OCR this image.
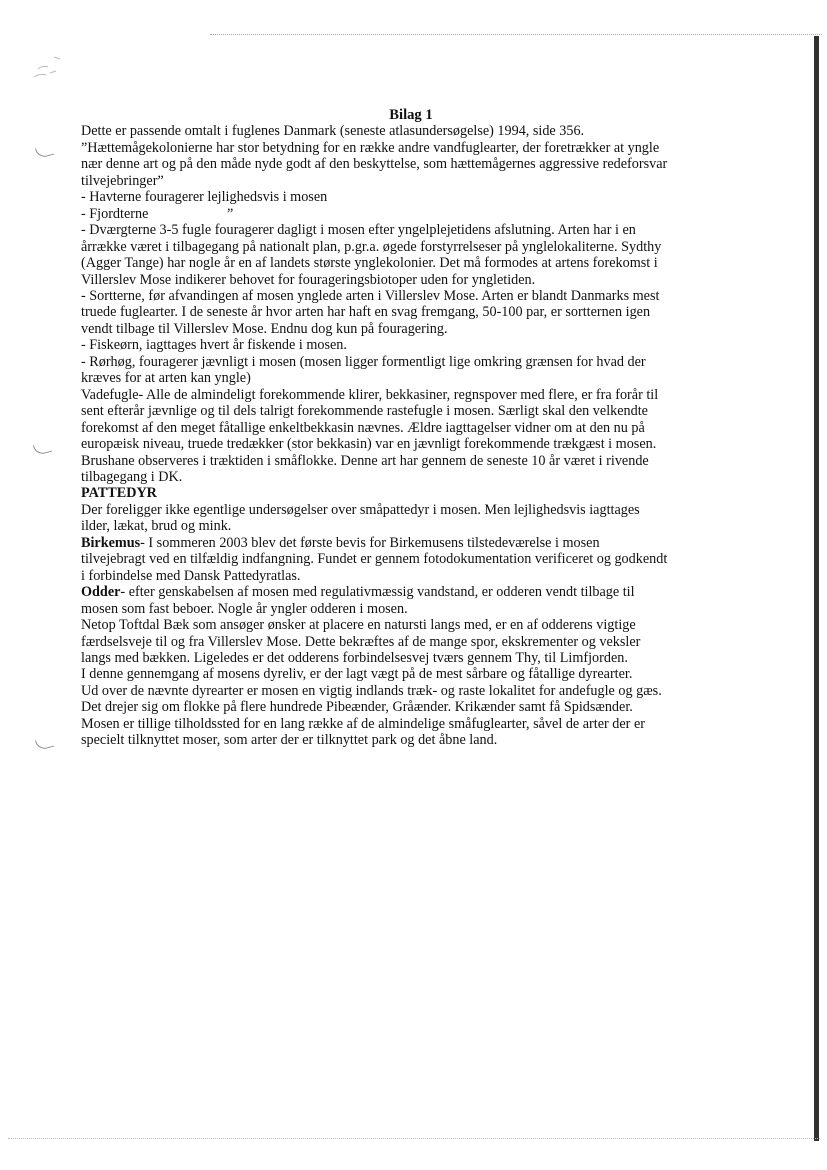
Bilag 1

Dette er passende omtalt i fuglenes Danmark (seneste atlasundersøgelse) 1994, side 356.

”Hættemågekolonierne har stor betydning for en række andre vandfuglearter, der foretrækker at yngle

nær denne art og på den måde nyde godt af den beskyttelse, som hættemågernes aggressive redeforsvar

tilvejebringer”

- Havterne fouragerer lejlighedsvis i mosen

- Fjordterne	”

- Dværgterne 3-5 fugle fouragerer dagligt i mosen efter yngelplejetidens afslutning. Arten har i en

årrække været i tilbagegang på nationalt plan, p.gr.a. øgede forstyrrelseser på ynglelokaliterne. Sydthy

(Agger Tange) har nogle år en af landets største ynglekolonier. Det må formodes at artens forekomst i

Villerslev Mose indikerer behovet for fourageringsbiotoper uden for yngletiden.

- Sortterne, før afvandingen af mosen ynglede arten i Villerslev Mose. Arten er blandt Danmarks mest

truede fuglearter. I de seneste år hvor arten har haft en svag fremgang, 50-100 par, er sortternen igen

vendt tilbage til Villerslev Mose. Endnu dog kun på fouragering.

- Fiskeørn, iagttages hvert år fiskende i mosen.

- Rørhøg, fouragerer jævnligt i mosen (mosen ligger formentligt lige omkring grænsen for hvad der

kræves for at arten kan yngle)

Vadefugle- Alle de almindeligt forekommende klirer, bekkasiner, regnspover med flere, er fra forår til

sent efterår jævnlige og til dels talrigt forekommende rastefugle i mosen. Særligt skal den velkendte

forekomst af den meget fåtallige enkeltbekkasin nævnes. Ældre iagttagelser vidner om at den nu på

europæisk niveau, truede tredækker (stor bekkasin) var en jævnligt forekommende trækgæst i mosen.

Brushane observeres i træktiden i småflokke. Denne art har gennem de seneste 10 år været i rivende

tilbagegang i DK.

PATTEDYR

Der foreligger ikke egentlige undersøgelser over småpattedyr i mosen. Men lejlighedsvis iagttages

ilder, lækat, brud og mink.

Birkemus- I sommeren 2003 blev det første bevis for Birkemusens tilstedeværelse i mosen

tilvejebragt ved en tilfældig indfangning. Fundet er gennem fotodokumentation verificeret og godkendt

i forbindelse med Dansk Pattedyratlas.

Odder- efter genskabelsen af mosen med regulativmæssig vandstand, er odderen vendt tilbage til

mosen som fast beboer. Nogle år yngler odderen i mosen.

Netop Toftdal Bæk som ansøger ønsker at placere en natursti langs med, er en af odderens vigtige

færdselsveje til og fra Villerslev Mose. Dette bekræftes af de mange spor, ekskrementer og veksler

langs med bækken. Ligeledes er det odderens forbindelsesvej tværs gennem Thy, til Limfjorden.

I denne gennemgang af mosens dyreliv, er der lagt vægt på de mest sårbare og fåtallige dyrearter.

Ud over de nævnte dyrearter er mosen en vigtig indlands træk- og raste lokalitet for andefugle og gæs.

Det drejer sig om flokke på flere hundrede Pibeænder, Gråænder. Krikænder samt få Spidsænder.

Mosen er tillige tilholdssted for en lang række af de almindelige småfuglearter, såvel de arter der er

specielt tilknyttet moser, som arter der er tilknyttet park og det åbne land.
